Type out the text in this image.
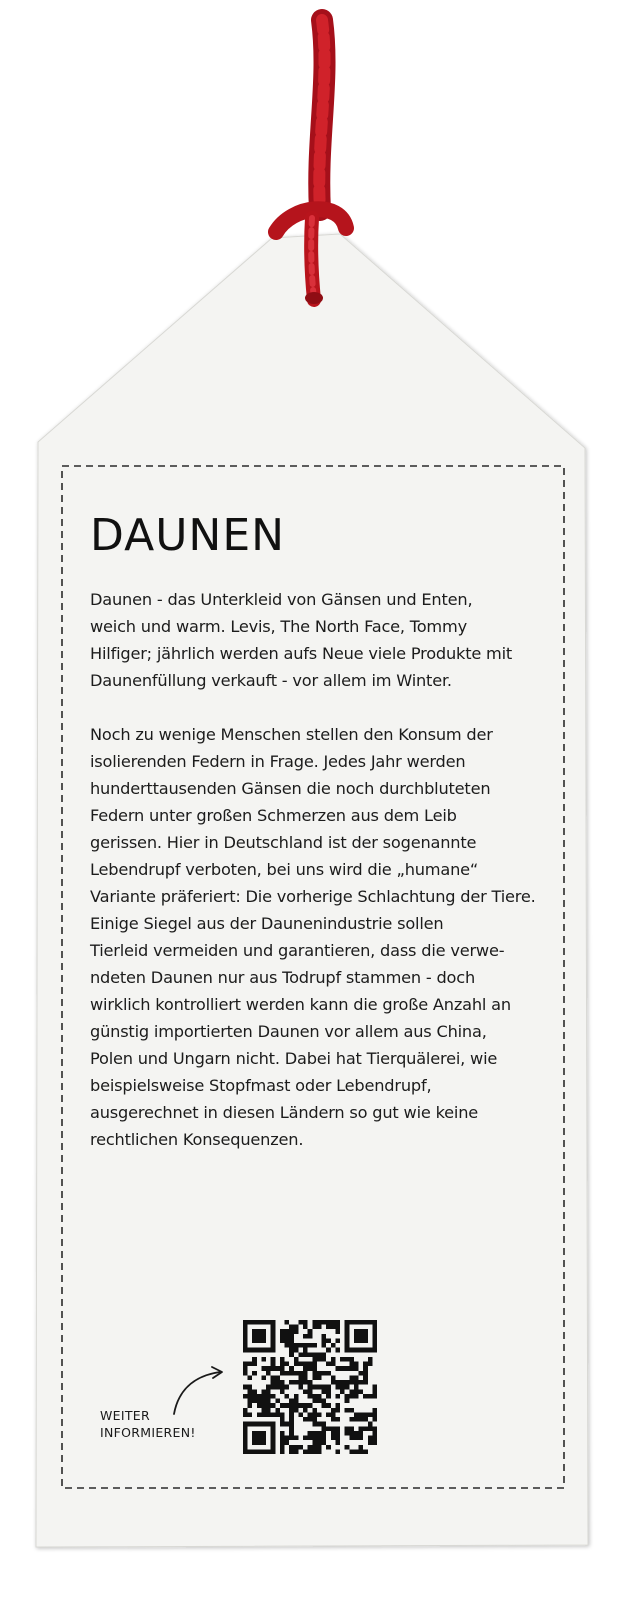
DAUNEN

Daunen - das Unterkleid von Gänsen und Enten,
weich und warm. Levis, The North Face, Tommy
Hilfiger; jährlich werden aufs Neue viele Produkte mit
Daunenfüllung verkauft - vor allem im Winter.

Noch zu wenige Menschen stellen den Konsum der
isolierenden Federn in Frage. Jedes Jahr werden
hunderttausenden Gänsen die noch durchbluteten
Federn unter großen Schmerzen aus dem Leib
gerissen. Hier in Deutschland ist der sogenannte
Lebendrupf verboten, bei uns wird die „humane“
Variante präferiert: Die vorherige Schlachtung der Tiere.
Einige Siegel aus der Daunenindustrie sollen
Tierleid vermeiden und garantieren, dass die verwe-
ndeten Daunen nur aus Todrupf stammen - doch
wirklich kontrolliert werden kann die große Anzahl an
günstig importierten Daunen vor allem aus China,
Polen und Ungarn nicht. Dabei hat Tierquälerei, wie
beispielsweise Stopfmast oder Lebendrupf,
ausgerechnet in diesen Ländern so gut wie keine
rechtlichen Konsequenzen.

WEITER
INFORMIEREN!
